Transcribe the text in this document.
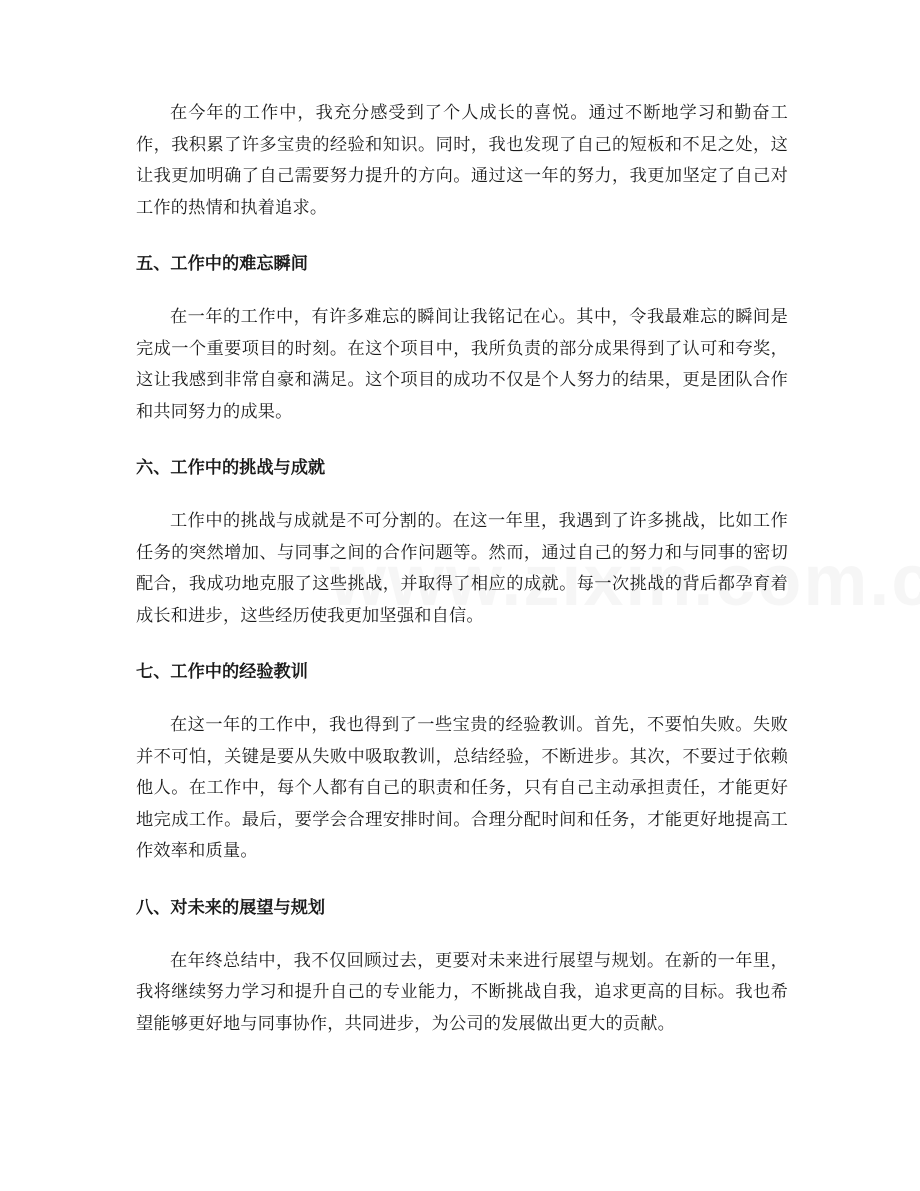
在今年的工作中，我充分感受到了个人成长的喜悦。通过不断地学习和勤奋工作，我积累了许多宝贵的经验和知识。同时，我也发现了自己的短板和不足之处，这让我更加明确了自己需要努力提升的方向。通过这一年的努力，我更加坚定了自己对工作的热情和执着追求。

五、工作中的难忘瞬间

在一年的工作中，有许多难忘的瞬间让我铭记在心。其中，令我最难忘的瞬间是完成一个重要项目的时刻。在这个项目中，我所负责的部分成果得到了认可和夸奖，这让我感到非常自豪和满足。这个项目的成功不仅是个人努力的结果，更是团队合作和共同努力的成果。

六、工作中的挑战与成就

工作中的挑战与成就是不可分割的。在这一年里，我遇到了许多挑战，比如工作任务的突然增加、与同事之间的合作问题等。然而，通过自己的努力和与同事的密切配合，我成功地克服了这些挑战，并取得了相应的成就。每一次挑战的背后都孕育着成长和进步，这些经历使我更加坚强和自信。

七、工作中的经验教训

在这一年的工作中，我也得到了一些宝贵的经验教训。首先，不要怕失败。失败并不可怕，关键是要从失败中吸取教训，总结经验，不断进步。其次，不要过于依赖他人。在工作中，每个人都有自己的职责和任务，只有自己主动承担责任，才能更好地完成工作。最后，要学会合理安排时间。合理分配时间和任务，才能更好地提高工作效率和质量。

八、对未来的展望与规划

在年终总结中，我不仅回顾过去，更要对未来进行展望与规划。在新的一年里，我将继续努力学习和提升自己的专业能力，不断挑战自我，追求更高的目标。我也希望能够更好地与同事协作，共同进步，为公司的发展做出更大的贡献。
